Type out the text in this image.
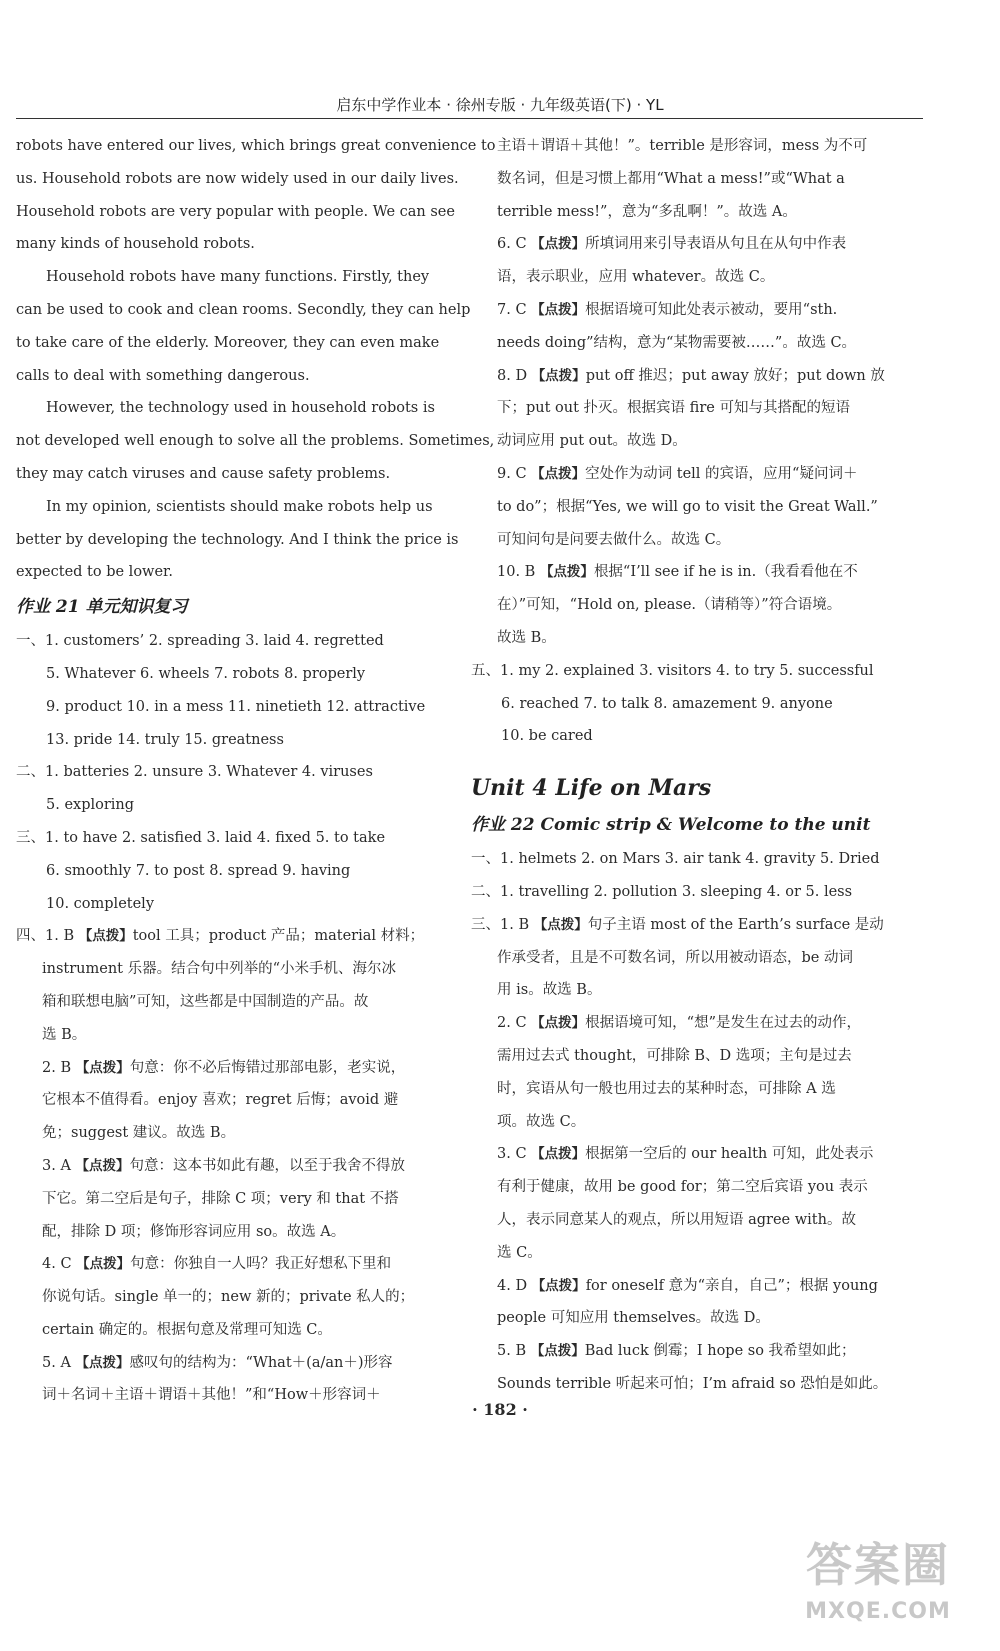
启东中学作业本 · 徐州专版 · 九年级英语(下) · YL
robots have entered our lives, which brings great convenience to
us. Household robots are now widely used in our daily lives.
Household robots are very popular with people. We can see
many kinds of household robots.
Household robots have many functions. Firstly, they
can be used to cook and clean rooms. Secondly, they can help
to take care of the elderly. Moreover, they can even make
calls to deal with something dangerous.
However, the technology used in household robots is
not developed well enough to solve all the problems. Sometimes,
they may catch viruses and cause safety problems.
In my opinion, scientists should make robots help us
better by developing the technology. And I think the price is
expected to be lower.
作业 21 单元知识复习
一、1. customers’ 2. spreading 3. laid 4. regretted
5. Whatever 6. wheels 7. robots 8. properly
9. product 10. in a mess 11. ninetieth 12. attractive
13. pride 14. truly 15. greatness
二、1. batteries 2. unsure 3. Whatever 4. viruses
5. exploring
三、1. to have 2. satisfied 3. laid 4. fixed 5. to take
6. smoothly 7. to post 8. spread 9. having
10. completely
四、1. B 【点拨】tool 工具；product 产品；material 材料；
instrument 乐器。结合句中列举的“小米手机、海尔冰
箱和联想电脑”可知，这些都是中国制造的产品。故
选 B。
2. B 【点拨】句意：你不必后悔错过那部电影，老实说，
它根本不值得看。enjoy 喜欢；regret 后悔；avoid 避
免；suggest 建议。故选 B。
3. A 【点拨】句意：这本书如此有趣，以至于我舍不得放
下它。第二空后是句子，排除 C 项；very 和 that 不搭
配，排除 D 项；修饰形容词应用 so。故选 A。
4. C 【点拨】句意：你独自一人吗？我正好想私下里和
你说句话。single 单一的；new 新的；private 私人的；
certain 确定的。根据句意及常理可知选 C。
5. A 【点拨】感叹句的结构为：“What＋(a/an＋)形容
词＋名词＋主语＋谓语＋其他！”和“How＋形容词＋
主语＋谓语＋其他！”。terrible 是形容词，mess 为不可
数名词，但是习惯上都用“What a mess!”或“What a
terrible mess!”，意为“多乱啊！”。故选 A。
6. C 【点拨】所填词用来引导表语从句且在从句中作表
语，表示职业，应用 whatever。故选 C。
7. C 【点拨】根据语境可知此处表示被动，要用“sth.
needs doing”结构，意为“某物需要被……”。故选 C。
8. D 【点拨】put off 推迟；put away 放好；put down 放
下；put out 扑灭。根据宾语 fire 可知与其搭配的短语
动词应用 put out。故选 D。
9. C 【点拨】空处作为动词 tell 的宾语，应用“疑问词＋
to do”；根据“Yes, we will go to visit the Great Wall.”
可知问句是问要去做什么。故选 C。
10. B 【点拨】根据“I’ll see if he is in.（我看看他在不
在）”可知，“Hold on, please.（请稍等）”符合语境。
故选 B。
五、1. my 2. explained 3. visitors 4. to try 5. successful
6. reached 7. to talk 8. amazement 9. anyone
10. be cared
Unit 4 Life on Mars
作业 22 Comic strip & Welcome to the unit
一、1. helmets 2. on Mars 3. air tank 4. gravity 5. Dried
二、1. travelling 2. pollution 3. sleeping 4. or 5. less
三、1. B 【点拨】句子主语 most of the Earth’s surface 是动
作承受者，且是不可数名词，所以用被动语态，be 动词
用 is。故选 B。
2. C 【点拨】根据语境可知，“想”是发生在过去的动作，
需用过去式 thought，可排除 B、D 选项；主句是过去
时，宾语从句一般也用过去的某种时态，可排除 A 选
项。故选 C。
3. C 【点拨】根据第一空后的 our health 可知，此处表示
有利于健康，故用 be good for；第二空后宾语 you 表示
人，表示同意某人的观点，所以用短语 agree with。故
选 C。
4. D 【点拨】for oneself 意为“亲自，自己”；根据 young
people 可知应用 themselves。故选 D。
5. B 【点拨】Bad luck 倒霉；I hope so 我希望如此；
Sounds terrible 听起来可怕；I’m afraid so 恐怕是如此。
· 182 ·
答案圈
MXQE.COM
